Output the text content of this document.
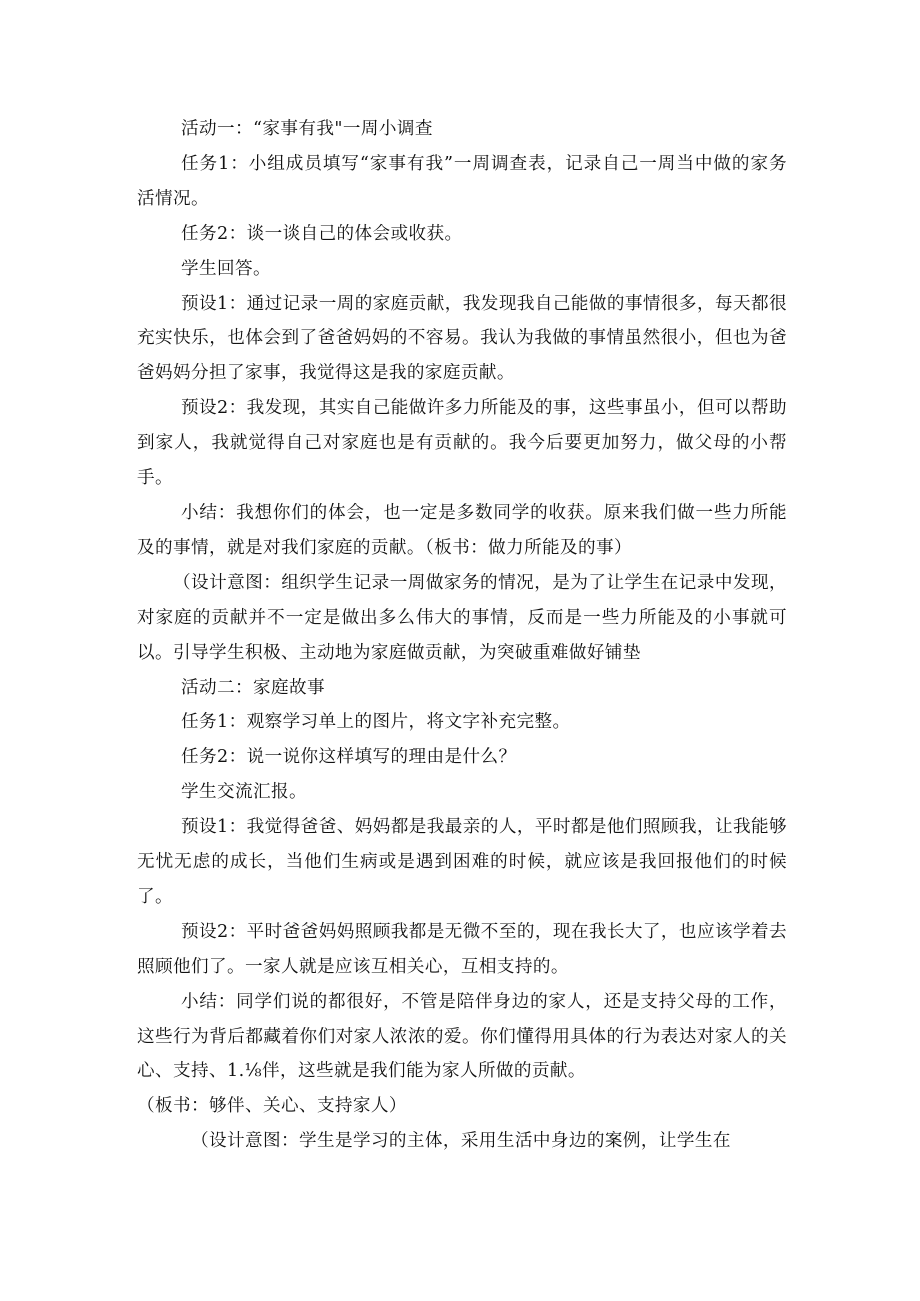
活动一：“家事有我"一周小调查

任务1：小组成员填写“家事有我”一周调查表，记录自己一周当中做的家务活情况。

任务2：谈一谈自己的体会或收获。

学生回答。

预设1：通过记录一周的家庭贡献，我发现我自己能做的事情很多，每天都很充实快乐，也体会到了爸爸妈妈的不容易。我认为我做的事情虽然很小，但也为爸爸妈妈分担了家事，我觉得这是我的家庭贡献。

预设2：我发现，其实自己能做许多力所能及的事，这些事虽小，但可以帮助到家人，我就觉得自己对家庭也是有贡献的。我今后要更加努力，做父母的小帮手。

小结：我想你们的体会，也一定是多数同学的收获。原来我们做一些力所能及的事情，就是对我们家庭的贡献。（板书：做力所能及的事）

（设计意图：组织学生记录一周做家务的情况，是为了让学生在记录中发现，对家庭的贡献并不一定是做出多么伟大的事情，反而是一些力所能及的小事就可以。引导学生积极、主动地为家庭做贡献，为突破重难做好铺垫

活动二：家庭故事

任务1：观察学习单上的图片，将文字补充完整。

任务2：说一说你这样填写的理由是什么？

学生交流汇报。

预设1：我觉得爸爸、妈妈都是我最亲的人，平时都是他们照顾我，让我能够无忧无虑的成长，当他们生病或是遇到困难的时候，就应该是我回报他们的时候了。

预设2：平时爸爸妈妈照顾我都是无微不至的，现在我长大了，也应该学着去照顾他们了。一家人就是应该互相关心，互相支持的。

小结：同学们说的都很好，不管是陪伴身边的家人，还是支持父母的工作，这些行为背后都藏着你们对家人浓浓的爱。你们懂得用具体的行为表达对家人的关心、支持、1.⅛伴，这些就是我们能为家人所做的贡献。

（板书：够伴、关心、支持家人）

（设计意图：学生是学习的主体，采用生活中身边的案例，让学生在
